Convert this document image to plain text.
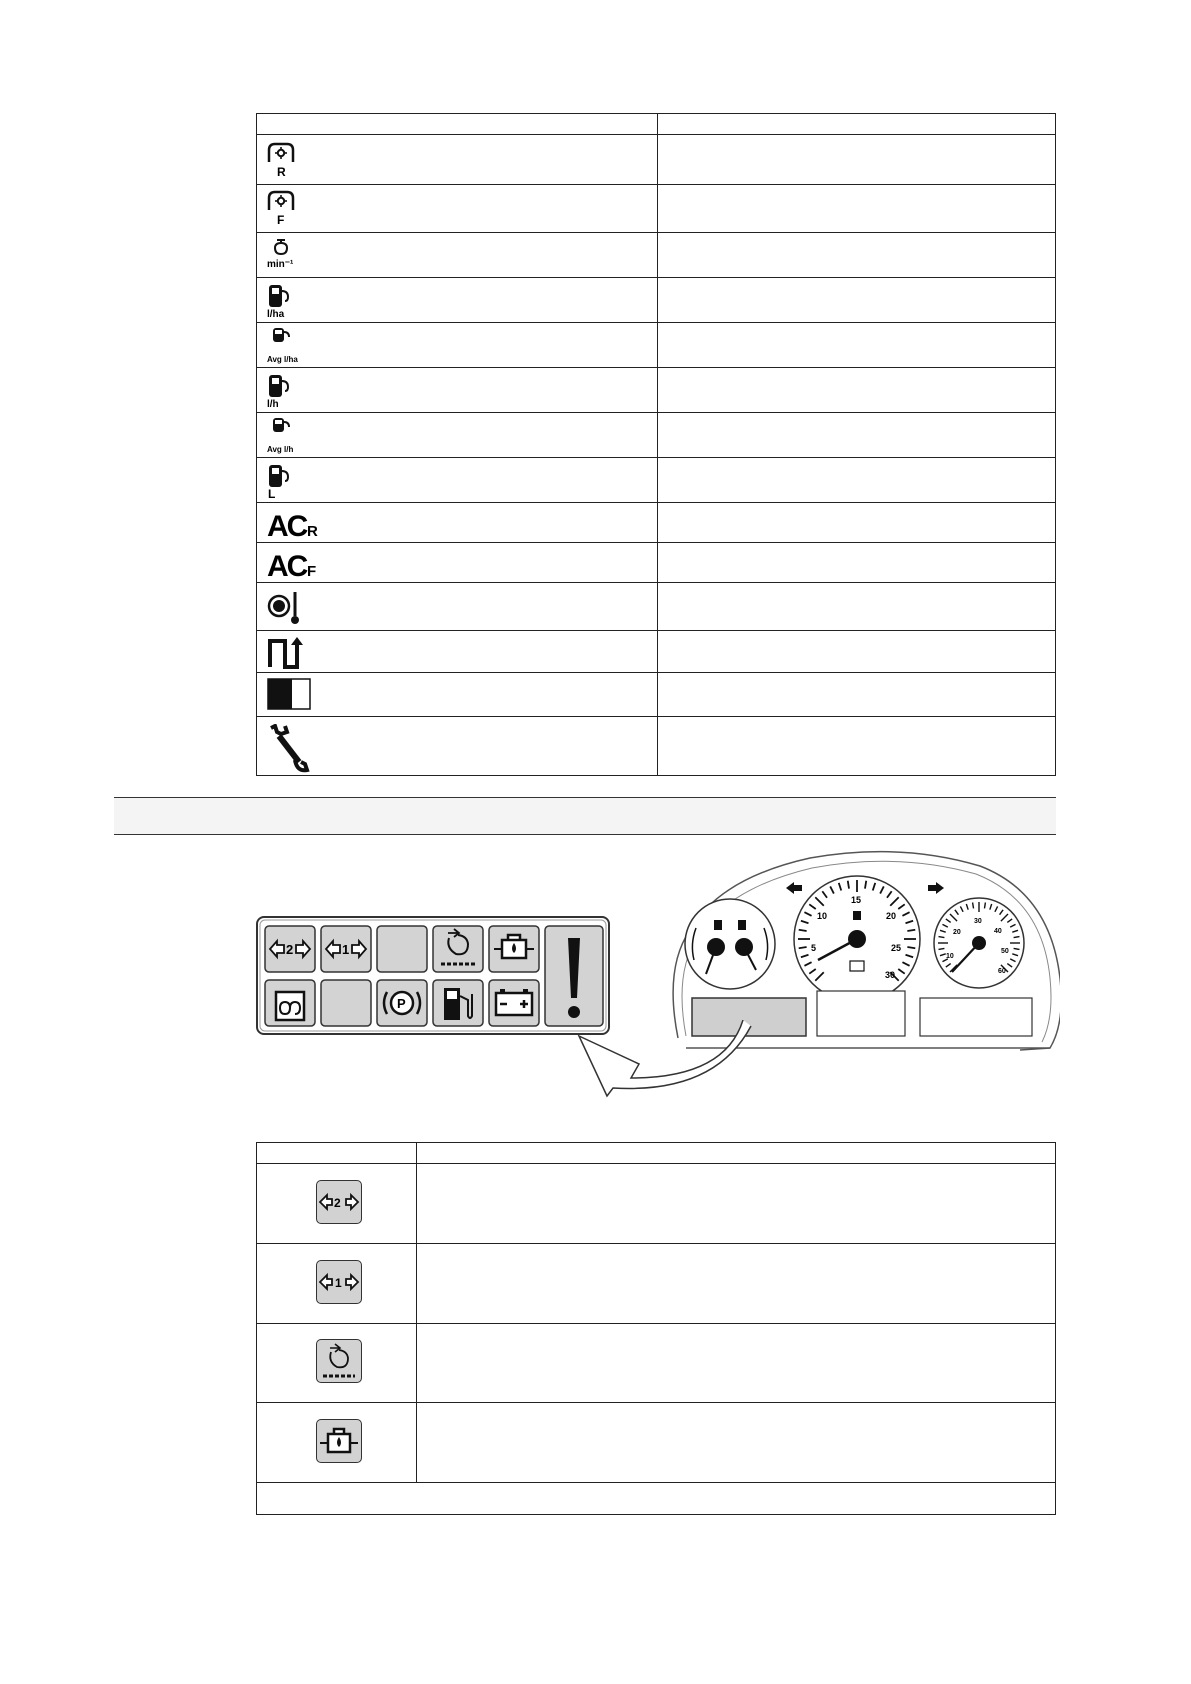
R
F
min⁻¹
l/ha
Avg l/ha
l/h
Avg l/h
L
AC R
AC F
2	1
P
5
10
15
20
25
30
10
20
30
40
50
60
2
1
